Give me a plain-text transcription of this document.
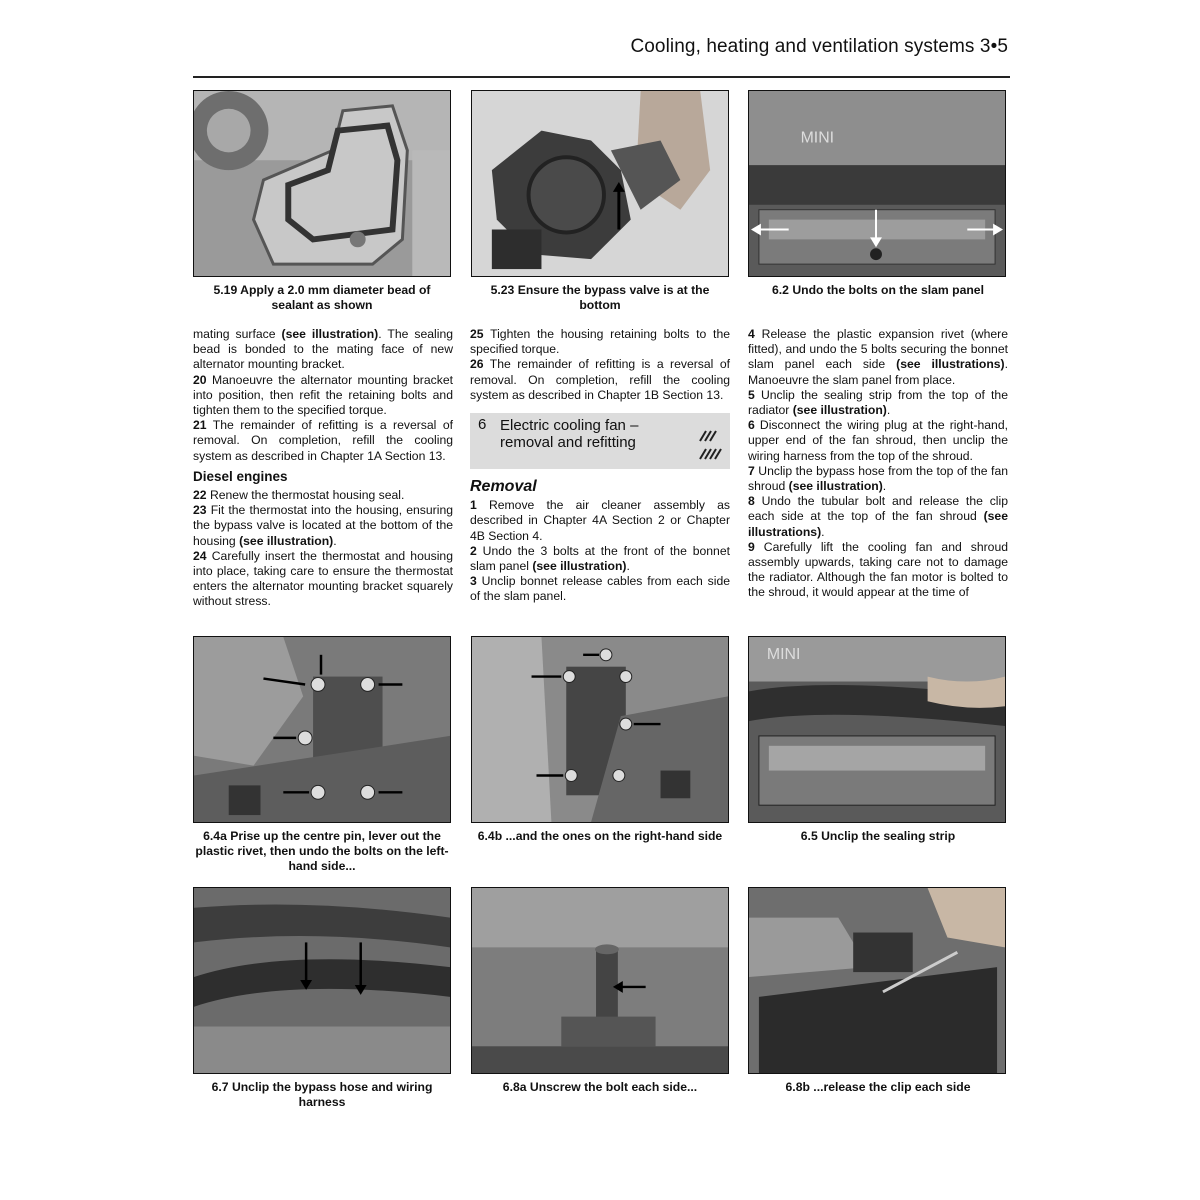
Cooling, heating and ventilation systems 3•5
5.19 Apply a 2.0 mm diameter bead of sealant as shown
5.23 Ensure the bypass valve is at the bottom
MINI
6.2 Undo the bolts on the slam panel

mating surface (see illustration). The sealing bead is bonded to the mating face of new alternator mounting bracket.

20 Manoeuvre the alternator mounting bracket into position, then refit the retaining bolts and tighten them to the specified torque.

21 The remainder of refitting is a reversal of removal. On completion, refill the cooling system as described in Chapter 1A Section 13.

Diesel engines

22 Renew the thermostat housing seal.

23 Fit the thermostat into the housing, ensuring the bypass valve is located at the bottom of the housing (see illustration).

24 Carefully insert the thermostat and housing into place, taking care to ensure the thermostat enters the alternator mounting bracket squarely without stress.

25 Tighten the housing retaining bolts to the specified torque.

26 The remainder of refitting is a reversal of removal. On completion, refill the cooling system as described in Chapter 1B Section 13.

6 Electric cooling fan –
removal and refitting
Removal

1 Remove the air cleaner assembly as described in Chapter 4A Section 2 or Chapter 4B Section 4.

2 Undo the 3 bolts at the front of the bonnet slam panel (see illustration).

3 Unclip bonnet release cables from each side of the slam panel.

4 Release the plastic expansion rivet (where fitted), and undo the 5 bolts securing the bonnet slam panel each side (see illustrations). Manoeuvre the slam panel from place.

5 Unclip the sealing strip from the top of the radiator (see illustration).

6 Disconnect the wiring plug at the right-hand, upper end of the fan shroud, then unclip the wiring harness from the top of the shroud.

7 Unclip the bypass hose from the top of the fan shroud (see illustration).

8 Undo the tubular bolt and release the clip each side at the top of the fan shroud (see illustrations).

9 Carefully lift the cooling fan and shroud assembly upwards, taking care not to damage the radiator. Although the fan motor is bolted to the shroud, it would appear at the time of

6.4a Prise up the centre pin, lever out the plastic rivet, then undo the bolts on the left-hand side...
6.4b ...and the ones on the right-hand side
MINI
6.5 Unclip the sealing strip
6.7 Unclip the bypass hose and wiring harness
6.8a Unscrew the bolt each side...	6.8b ...release the clip each side
